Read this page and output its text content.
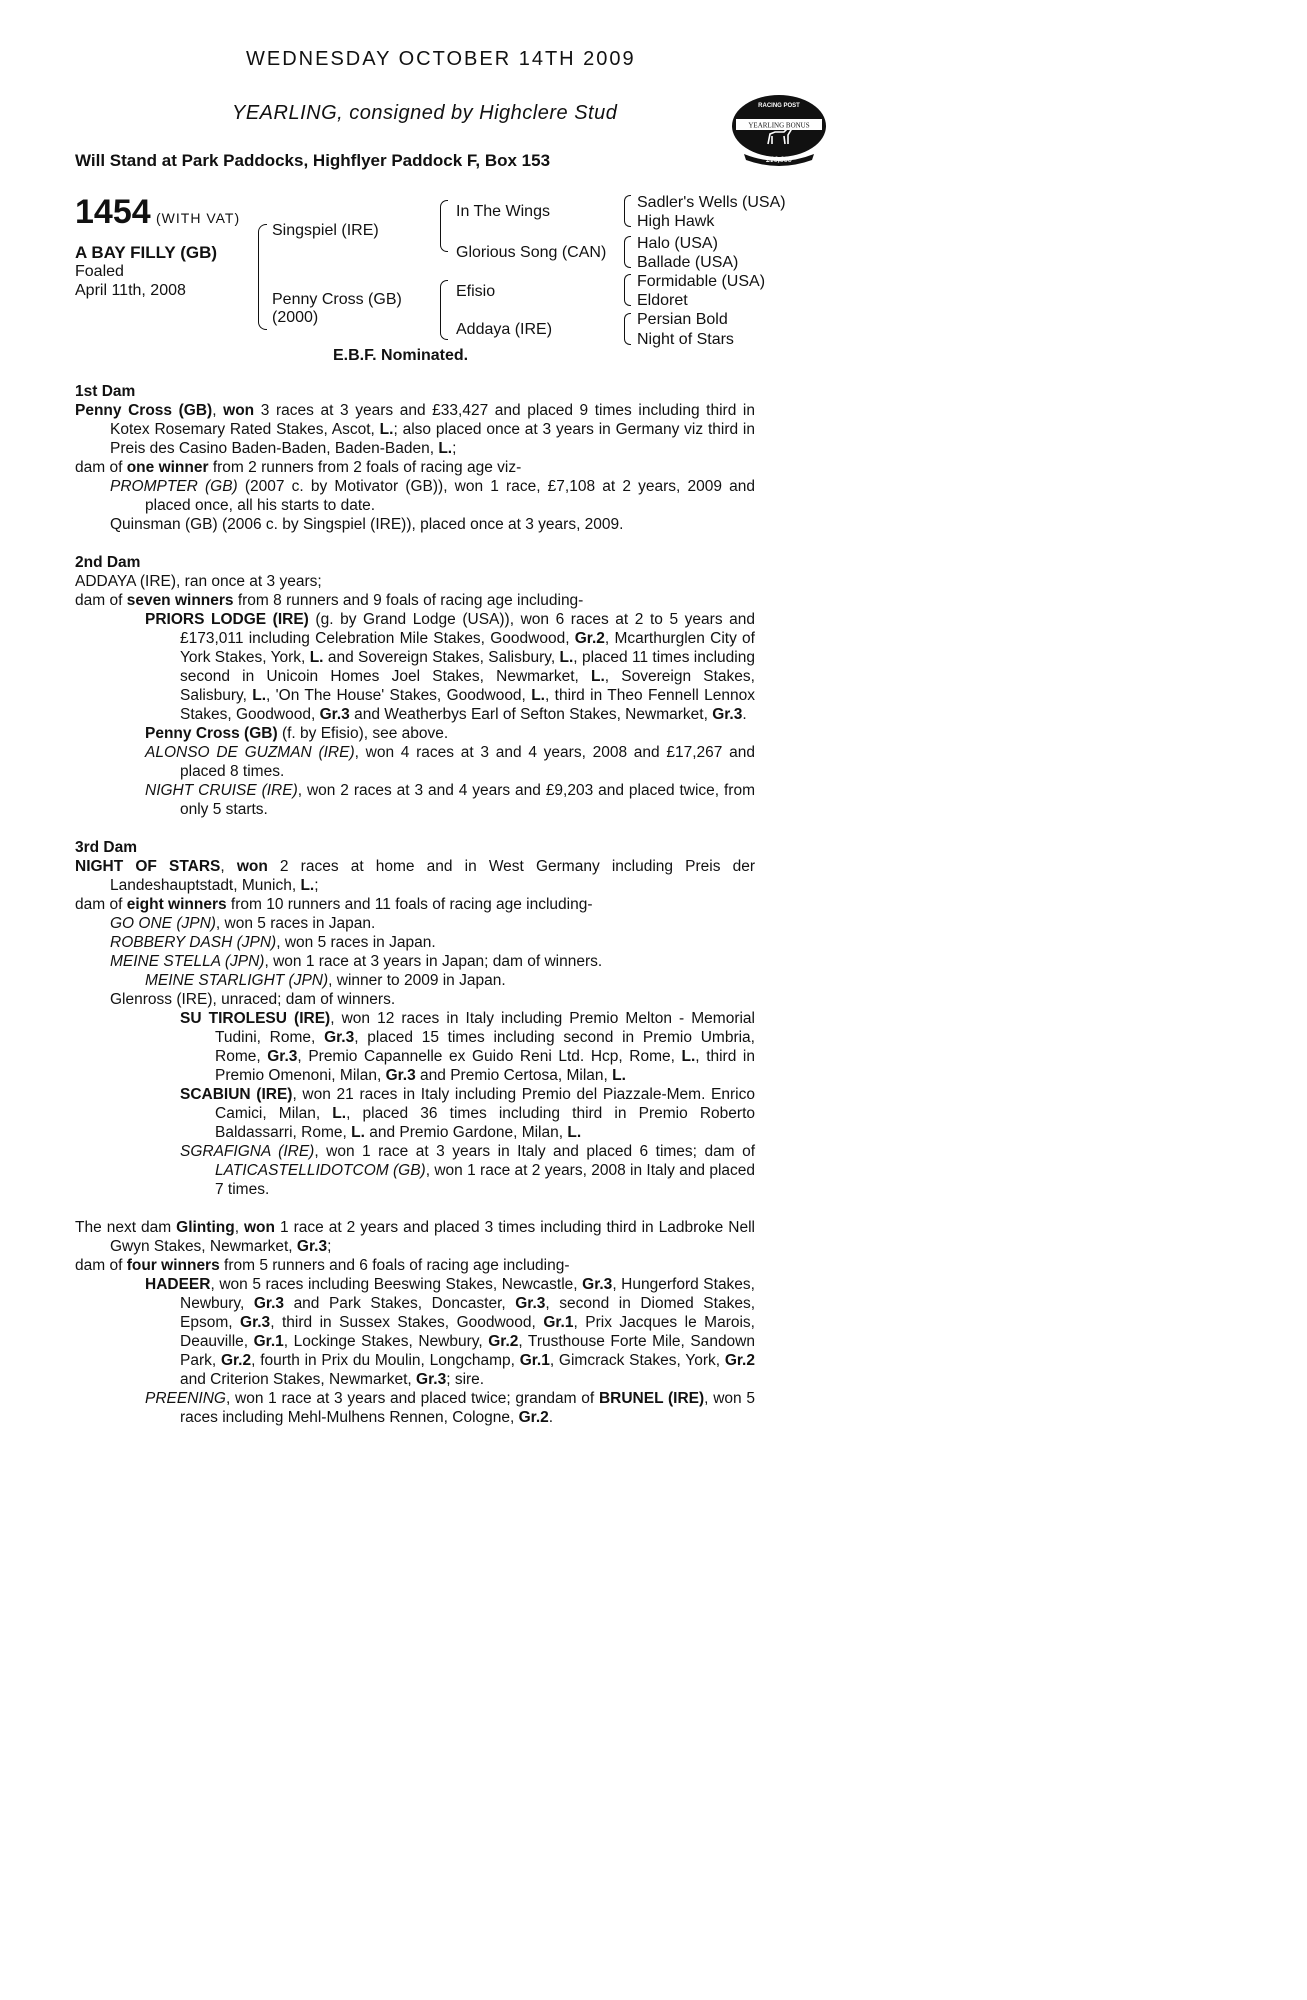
WEDNESDAY OCTOBER 14TH 2009
YEARLING, consigned by Highclere Stud
Will Stand at Park Paddocks, Highflyer Paddock F, Box 153
RACING POST
YEARLING BONUS
£10,000
1454 (WITH VAT)
A BAY FILLY (GB)
Foaled
April 11th, 2008
Singspiel (IRE)
Penny Cross (GB)
(2000)
In The Wings
Glorious Song (CAN)
Efisio
Addaya (IRE)
Sadler's Wells (USA)
High Hawk
Halo (USA)
Ballade (USA)
Formidable (USA)
Eldoret
Persian Bold
Night of Stars
E.B.F. Nominated.

1st Dam

Penny Cross (GB), won 3 races at 3 years and £33,427 and placed 9 times including third in Kotex Rosemary Rated Stakes, Ascot, L.; also placed once at 3 years in Germany viz third in Preis des Casino Baden-Baden, Baden-Baden, L.;

dam of one winner from 2 runners from 2 foals of racing age viz-

PROMPTER (GB) (2007 c. by Motivator (GB)), won 1 race, £7,108 at 2 years, 2009 and placed once, all his starts to date.

Quinsman (GB) (2006 c. by Singspiel (IRE)), placed once at 3 years, 2009.

2nd Dam

ADDAYA (IRE), ran once at 3 years;

dam of seven winners from 8 runners and 9 foals of racing age including-

PRIORS LODGE (IRE) (g. by Grand Lodge (USA)), won 6 races at 2 to 5 years and £173,011 including Celebration Mile Stakes, Goodwood, Gr.2, Mcarthurglen City of York Stakes, York, L. and Sovereign Stakes, Salisbury, L., placed 11 times including second in Unicoin Homes Joel Stakes, Newmarket, L., Sovereign Stakes, Salisbury, L., 'On The House' Stakes, Goodwood, L., third in Theo Fennell Lennox Stakes, Goodwood, Gr.3 and Weatherbys Earl of Sefton Stakes, Newmarket, Gr.3.

Penny Cross (GB) (f. by Efisio), see above.

ALONSO DE GUZMAN (IRE), won 4 races at 3 and 4 years, 2008 and £17,267 and placed 8 times.

NIGHT CRUISE (IRE), won 2 races at 3 and 4 years and £9,203 and placed twice, from only 5 starts.

3rd Dam

NIGHT OF STARS, won 2 races at home and in West Germany including Preis der Landeshauptstadt, Munich, L.;

dam of eight winners from 10 runners and 11 foals of racing age including-

GO ONE (JPN), won 5 races in Japan.

ROBBERY DASH (JPN), won 5 races in Japan.

MEINE STELLA (JPN), won 1 race at 3 years in Japan; dam of winners.

MEINE STARLIGHT (JPN), winner to 2009 in Japan.

Glenross (IRE), unraced; dam of winners.

SU TIROLESU (IRE), won 12 races in Italy including Premio Melton - Memorial Tudini, Rome, Gr.3, placed 15 times including second in Premio Umbria, Rome, Gr.3, Premio Capannelle ex Guido Reni Ltd. Hcp, Rome, L., third in Premio Omenoni, Milan, Gr.3 and Premio Certosa, Milan, L.

SCABIUN (IRE), won 21 races in Italy including Premio del Piazzale-Mem. Enrico Camici, Milan, L., placed 36 times including third in Premio Roberto Baldassarri, Rome, L. and Premio Gardone, Milan, L.

SGRAFIGNA (IRE), won 1 race at 3 years in Italy and placed 6 times; dam of LATICASTELLIDOTCOM (GB), won 1 race at 2 years, 2008 in Italy and placed 7 times.

The next dam Glinting, won 1 race at 2 years and placed 3 times including third in Ladbroke Nell Gwyn Stakes, Newmarket, Gr.3;

dam of four winners from 5 runners and 6 foals of racing age including-

HADEER, won 5 races including Beeswing Stakes, Newcastle, Gr.3, Hungerford Stakes, Newbury, Gr.3 and Park Stakes, Doncaster, Gr.3, second in Diomed Stakes, Epsom, Gr.3, third in Sussex Stakes, Goodwood, Gr.1, Prix Jacques le Marois, Deauville, Gr.1, Lockinge Stakes, Newbury, Gr.2, Trusthouse Forte Mile, Sandown Park, Gr.2, fourth in Prix du Moulin, Longchamp, Gr.1, Gimcrack Stakes, York, Gr.2 and Criterion Stakes, Newmarket, Gr.3; sire.

PREENING, won 1 race at 3 years and placed twice; grandam of BRUNEL (IRE), won 5 races including Mehl-Mulhens Rennen, Cologne, Gr.2.
